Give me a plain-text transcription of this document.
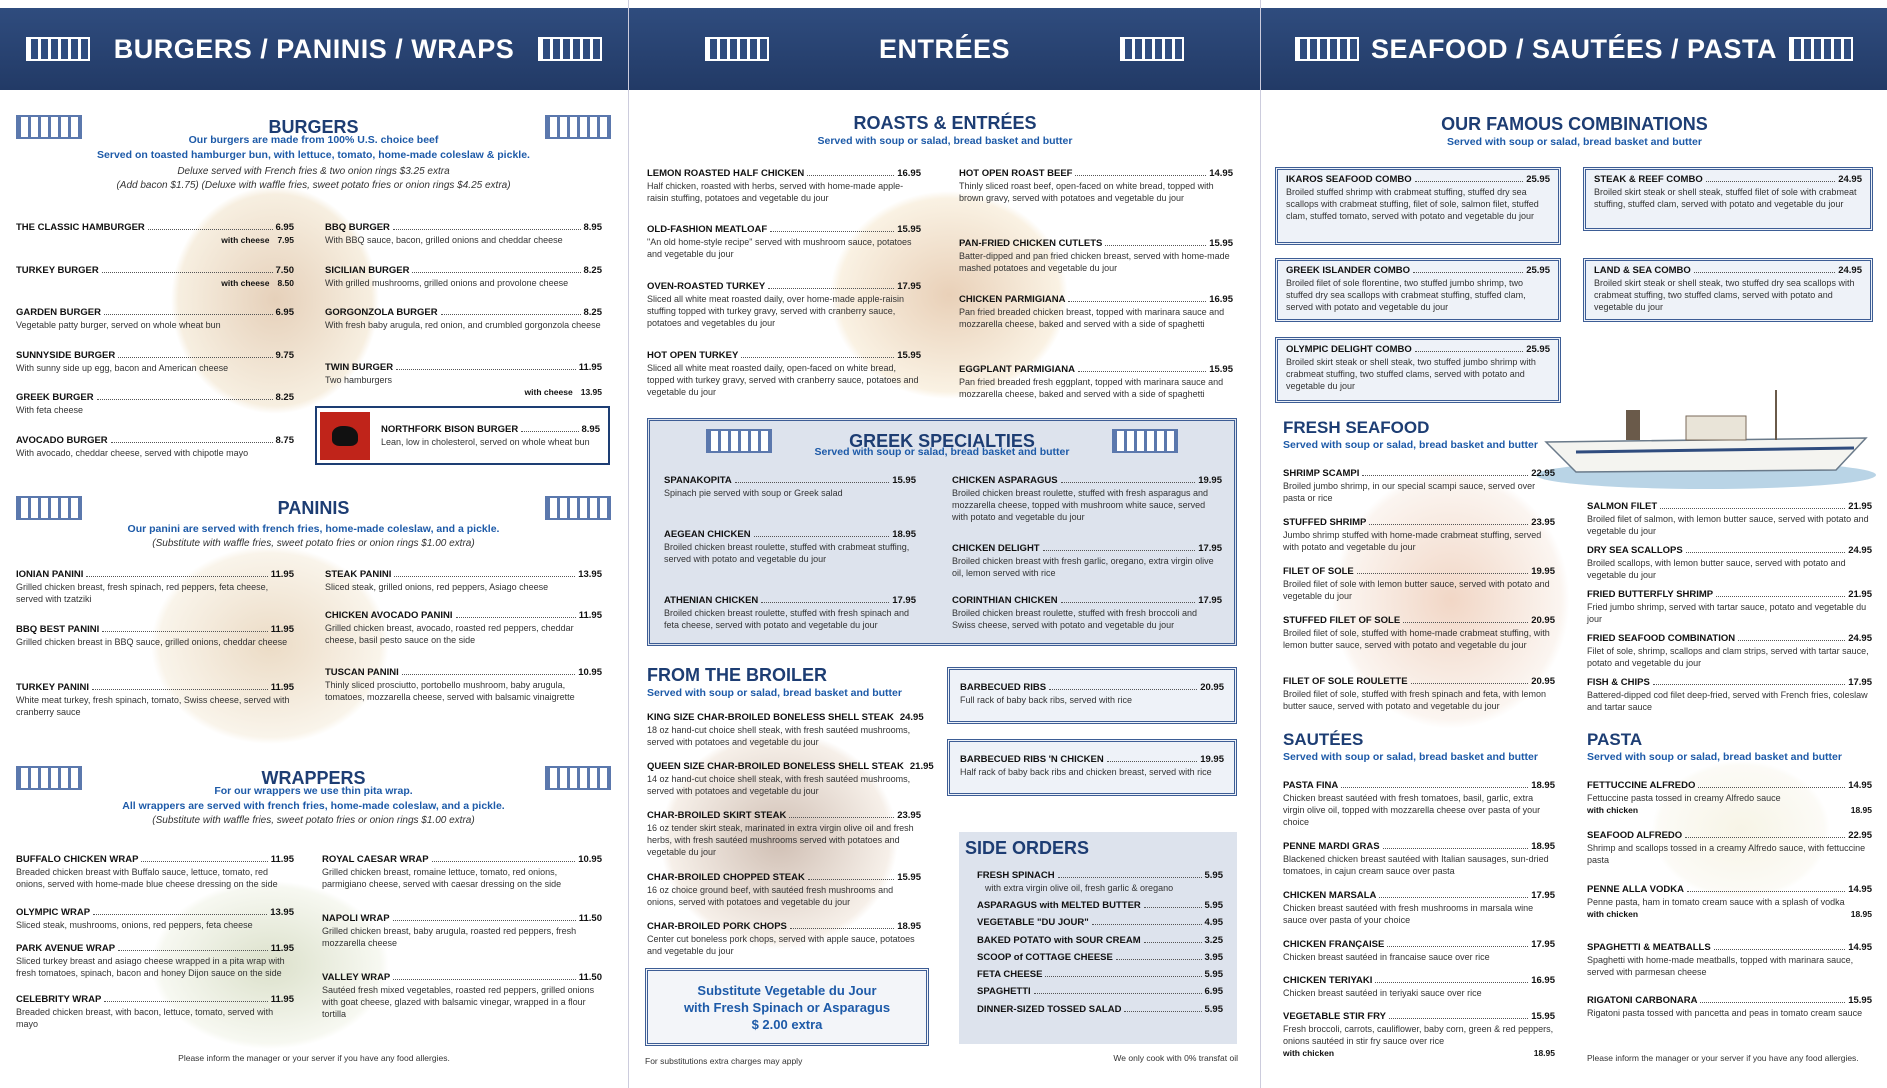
BURGERS / PANINIS / WRAPS
BURGERS
Our burgers are made from 100% U.S. choice beef
Served on toasted hamburger bun, with lettuce, tomato, home-made coleslaw & pickle.
Deluxe served with French fries & two onion rings $3.25 extra
(Add bacon $1.75) (Deluxe with waffle fries, sweet potato fries or onion rings $4.25 extra)
THE CLASSIC HAMBURGER	6.95
with cheese 7.95
TURKEY BURGER	7.50
with cheese 8.50
GARDEN BURGER	6.95
Vegetable patty burger, served on whole wheat bun
SUNNYSIDE BURGER	9.75
With sunny side up egg, bacon and American cheese
GREEK BURGER	8.25
With feta cheese
AVOCADO BURGER	8.75
With avocado, cheddar cheese, served with chipotle mayo
BBQ BURGER	8.95
With BBQ sauce, bacon, grilled onions and cheddar cheese
SICILIAN BURGER	8.25
With grilled mushrooms, grilled onions and provolone cheese
GORGONZOLA BURGER	8.25
With fresh baby arugula, red onion, and crumbled gorgonzola cheese
TWIN BURGER	11.95
Two hamburgers
with cheese 13.95
NORTHFORK BISON BURGER	8.95
Lean, low in cholesterol, served on whole wheat bun
PANINIS
Our panini are served with french fries, home-made coleslaw, and a pickle.
(Substitute with waffle fries, sweet potato fries or onion rings $1.00 extra)
IONIAN PANINI	11.95
Grilled chicken breast, fresh spinach, red peppers, feta cheese, served with tzatziki
BBQ BEST PANINI	11.95
Grilled chicken breast in BBQ sauce, grilled onions, cheddar cheese
TURKEY PANINI	11.95
White meat turkey, fresh spinach, tomato, Swiss cheese, served with cranberry sauce
STEAK PANINI	13.95
Sliced steak, grilled onions, red peppers, Asiago cheese
CHICKEN AVOCADO PANINI	11.95
Grilled chicken breast, avocado, roasted red peppers, cheddar cheese, basil pesto sauce on the side
TUSCAN PANINI	10.95
Thinly sliced prosciutto, portobello mushroom, baby arugula, tomatoes, mozzarella cheese, served with balsamic vinaigrette
WRAPPERS
For our wrappers we use thin pita wrap.
All wrappers are served with french fries, home-made coleslaw, and a pickle.
(Substitute with waffle fries, sweet potato fries or onion rings $1.00 extra)
BUFFALO CHICKEN WRAP	11.95
Breaded chicken breast with Buffalo sauce, lettuce, tomato, red onions, served with home-made blue cheese dressing on the side
OLYMPIC WRAP	13.95
Sliced steak, mushrooms, onions, red peppers, feta cheese
PARK AVENUE WRAP	11.95
Sliced turkey breast and asiago cheese wrapped in a pita wrap with fresh tomatoes, spinach, bacon and honey Dijon sauce on the side
CELEBRITY WRAP	11.95
Breaded chicken breast, with bacon, lettuce, tomato, served with mayo
ROYAL CAESAR WRAP	10.95
Grilled chicken breast, romaine lettuce, tomato, red onions, parmigiano cheese, served with caesar dressing on the side
NAPOLI WRAP	11.50
Grilled chicken breast, baby arugula, roasted red peppers, fresh mozzarella cheese
VALLEY WRAP	11.50
Sautéed fresh mixed vegetables, roasted red peppers, grilled onions with goat cheese, glazed with balsamic vinegar, wrapped in a flour tortilla
Please inform the manager or your server if you have any food allergies.
ENTRÉES
ROASTS & ENTRÉES
Served with soup or salad, bread basket and butter
LEMON ROASTED HALF CHICKEN	16.95
Half chicken, roasted with herbs, served with home-made apple-raisin stuffing, potatoes and vegetable du jour
OLD-FASHION MEATLOAF	15.95
"An old home-style recipe" served with mushroom sauce, potatoes and vegetable du jour
OVEN-ROASTED TURKEY	17.95
Sliced all white meat roasted daily, over home-made apple-raisin stuffing topped with turkey gravy, served with cranberry sauce, potatoes and vegetables du jour
HOT OPEN TURKEY	15.95
Sliced all white meat roasted daily, open-faced on white bread, topped with turkey gravy, served with cranberry sauce, potatoes and vegetable du jour
HOT OPEN ROAST BEEF	14.95
Thinly sliced roast beef, open-faced on white bread, topped with brown gravy, served with potatoes and vegetable du jour
PAN-FRIED CHICKEN CUTLETS	15.95
Batter-dipped and pan fried chicken breast, served with home-made mashed potatoes and vegetable du jour
CHICKEN PARMIGIANA	16.95
Pan fried breaded chicken breast, topped with marinara sauce and mozzarella cheese, baked and served with a side of spaghetti
EGGPLANT PARMIGIANA	15.95
Pan fried breaded fresh eggplant, topped with marinara sauce and mozzarella cheese, baked and served with a side of spaghetti
GREEK SPECIALTIES
Served with soup or salad, bread basket and butter
SPANAKOPITA	15.95
Spinach pie served with soup or Greek salad
AEGEAN CHICKEN	18.95
Broiled chicken breast roulette, stuffed with crabmeat stuffing, served with potato and vegetable du jour
ATHENIAN CHICKEN	17.95
Broiled chicken breast roulette, stuffed with fresh spinach and feta cheese, served with potato and vegetable du jour
CHICKEN ASPARAGUS	19.95
Broiled chicken breast roulette, stuffed with fresh asparagus and mozzarella cheese, topped with mushroom white sauce, served with potato and vegetable du jour
CHICKEN DELIGHT	17.95
Broiled chicken breast with fresh garlic, oregano, extra virgin olive oil, lemon served with rice
CORINTHIAN CHICKEN	17.95
Broiled chicken breast roulette, stuffed with fresh broccoli and Swiss cheese, served with potato and vegetable du jour
FROM THE BROILER
Served with soup or salad, bread basket and butter
KING SIZE CHAR-BROILED BONELESS SHELL STEAK 24.95
18 oz hand-cut choice shell steak, with fresh sautéed mushrooms, served with potatoes and vegetable du jour
QUEEN SIZE CHAR-BROILED BONELESS SHELL STEAK 21.95
14 oz hand-cut choice shell steak, with fresh sautéed mushrooms, served with potatoes and vegetable du jour
CHAR-BROILED SKIRT STEAK	23.95
16 oz tender skirt steak, marinated in extra virgin olive oil and fresh herbs, with fresh sautéed mushrooms served with potatoes and vegetable du jour
CHAR-BROILED CHOPPED STEAK	15.95
16 oz choice ground beef, with sautéed fresh mushrooms and onions, served with potatoes and vegetable du jour
CHAR-BROILED PORK CHOPS	18.95
Center cut boneless pork chops, served with apple sauce, potatoes and vegetable du jour
BARBECUED RIBS	20.95
Full rack of baby back ribs, served with rice
BARBECUED RIBS 'N CHICKEN	19.95
Half rack of baby back ribs and chicken breast, served with rice
SIDE ORDERS
FRESH SPINACH	5.95
with extra virgin olive oil, fresh garlic & oregano
ASPARAGUS with MELTED BUTTER	5.95
VEGETABLE "DU JOUR"	4.95
BAKED POTATO with SOUR CREAM	3.25
SCOOP of COTTAGE CHEESE	3.95
FETA CHEESE	5.95
SPAGHETTI	6.95
DINNER-SIZED TOSSED SALAD	5.95
Substitute Vegetable du Jour
with Fresh Spinach or Asparagus
$ 2.00 extra
For substitutions extra charges may apply	We only cook with 0% transfat oil
SEAFOOD / SAUTÉES / PASTA
OUR FAMOUS COMBINATIONS
Served with soup or salad, bread basket and butter
IKAROS SEAFOOD COMBO	25.95
Broiled stuffed shrimp with crabmeat stuffing, stuffed dry sea scallops with crabmeat stuffing, filet of sole, salmon filet, stuffed clam, stuffed tomato, served with potato and vegetable du jour
GREEK ISLANDER COMBO	25.95
Broiled filet of sole florentine, two stuffed jumbo shrimp, two stuffed dry sea scallops with crabmeat stuffing, stuffed clam, served with potato and vegetable du jour
OLYMPIC DELIGHT COMBO	25.95
Broiled skirt steak or shell steak, two stuffed jumbo shrimp with crabmeat stuffing, two stuffed clams, served with potato and vegetable du jour
STEAK & REEF COMBO	24.95
Broiled skirt steak or shell steak, stuffed filet of sole with crabmeat stuffing, stuffed clam, served with potato and vegetable du jour
LAND & SEA COMBO	24.95
Broiled skirt steak or shell steak, two stuffed dry sea scallops with crabmeat stuffing, two stuffed clams, served with potato and vegetable du jour
FRESH SEAFOOD
Served with soup or salad, bread basket and butter
SHRIMP SCAMPI	22.95
Broiled jumbo shrimp, in our special scampi sauce, served over pasta or rice
STUFFED SHRIMP	23.95
Jumbo shrimp stuffed with home-made crabmeat stuffing, served with potato and vegetable du jour
FILET OF SOLE	19.95
Broiled filet of sole with lemon butter sauce, served with potato and vegetable du jour
STUFFED FILET OF SOLE	20.95
Broiled filet of sole, stuffed with home-made crabmeat stuffing, with lemon butter sauce, served with potato and vegetable du jour
FILET OF SOLE ROULETTE	20.95
Broiled filet of sole, stuffed with fresh spinach and feta, with lemon butter sauce, served with potato and vegetable du jour
SALMON FILET	21.95
Broiled filet of salmon, with lemon butter sauce, served with potato and vegetable du jour
DRY SEA SCALLOPS	24.95
Broiled scallops, with lemon butter sauce, served with potato and vegetable du jour
FRIED BUTTERFLY SHRIMP	21.95
Fried jumbo shrimp, served with tartar sauce, potato and vegetable du jour
FRIED SEAFOOD COMBINATION	24.95
Filet of sole, shrimp, scallops and clam strips, served with tartar sauce, potato and vegetable du jour
FISH & CHIPS	17.95
Battered-dipped cod filet deep-fried, served with French fries, coleslaw and tartar sauce
SAUTÉES
Served with soup or salad, bread basket and butter
PASTA FINA	18.95
Chicken breast sautéed with fresh tomatoes, basil, garlic, extra virgin olive oil, topped with mozzarella cheese over pasta of your choice
PENNE MARDI GRAS	18.95
Blackened chicken breast sautéed with Italian sausages, sun-dried tomatoes, in cajun cream sauce over pasta
CHICKEN MARSALA	17.95
Chicken breast sautéed with fresh mushrooms in marsala wine sauce over pasta of your choice
CHICKEN FRANÇAISE	17.95
Chicken breast sautéed in francaise sauce over rice
CHICKEN TERIYAKI	16.95
Chicken breast sautéed in teriyaki sauce over rice
VEGETABLE STIR FRY	15.95
Fresh broccoli, carrots, cauliflower, baby corn, green & red peppers, onions sautéed in stir fry sauce over rice
with chicken	18.95
PASTA
Served with soup or salad, bread basket and butter
FETTUCCINE ALFREDO	14.95
Fettuccine pasta tossed in creamy Alfredo sauce
with chicken	18.95
SEAFOOD ALFREDO	22.95
Shrimp and scallops tossed in a creamy Alfredo sauce, with fettuccine pasta
PENNE ALLA VODKA	14.95
Penne pasta, ham in tomato cream sauce with a splash of vodka
with chicken	18.95
SPAGHETTI & MEATBALLS	14.95
Spaghetti with home-made meatballs, topped with marinara sauce, served with parmesan cheese
RIGATONI CARBONARA	15.95
Rigatoni pasta tossed with pancetta and peas in tomato cream sauce
Please inform the manager or your server if you have any food allergies.
